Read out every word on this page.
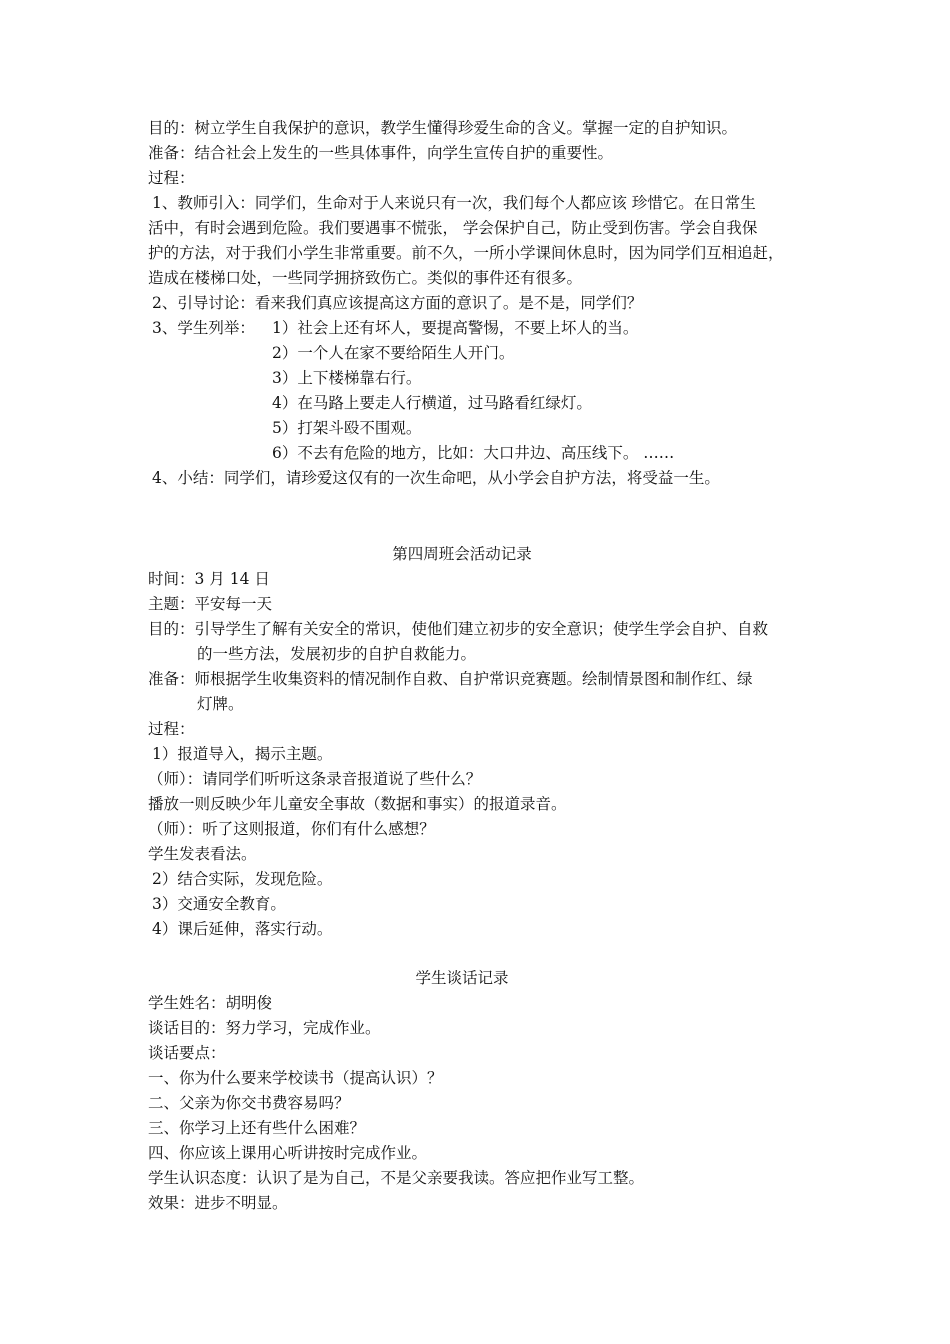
目的：树立学生自我保护的意识，教学生懂得珍爱生命的含义。掌握一定的自护知识。
准备：结合社会上发生的一些具体事件，向学生宣传自护的重要性。
过程：
1、教师引入：同学们，生命对于人来说只有一次，我们每个人都应该 珍惜它。在日常生
活中，有时会遇到危险。我们要遇事不慌张， 学会保护自己，防止受到伤害。学会自我保
护的方法，对于我们小学生非常重要。前不久，一所小学课间休息时，因为同学们互相追赶，
造成在楼梯口处，一些同学拥挤致伤亡。类似的事件还有很多。
2、引导讨论：看来我们真应该提高这方面的意识了。是不是，同学们？
3、学生列举： 1）社会上还有坏人，要提高警惕，不要上坏人的当。
2）一个人在家不要给陌生人开门。
3）上下楼梯靠右行。
4）在马路上要走人行横道，过马路看红绿灯。
5）打架斗殴不围观。
6）不去有危险的地方，比如：大口井边、高压线下。 ……
4、小结：同学们，请珍爱这仅有的一次生命吧，从小学会自护方法，将受益一生。
第四周班会活动记录
时间：3 月 14 日
主题：平安每一天
目的：引导学生了解有关安全的常识，使他们建立初步的安全意识；使学生学会自护、自救
的一些方法，发展初步的自护自救能力。
准备：师根据学生收集资料的情况制作自救、自护常识竞赛题。绘制情景图和制作红、绿
灯牌。
过程：
1）报道导入，揭示主题。
（师）：请同学们听听这条录音报道说了些什么？
播放一则反映少年儿童安全事故（数据和事实）的报道录音。
（师）：听了这则报道，你们有什么感想？
学生发表看法。
2）结合实际，发现危险。
3）交通安全教育。
4）课后延伸，落实行动。
学生谈话记录
学生姓名：胡明俊
谈话目的：努力学习，完成作业。
谈话要点：
一、你为什么要来学校读书（提高认识）？
二、父亲为你交书费容易吗？
三、你学习上还有些什么困难？
四、你应该上课用心听讲按时完成作业。
学生认识态度：认识了是为自己，不是父亲要我读。答应把作业写工整。
效果：进步不明显。
